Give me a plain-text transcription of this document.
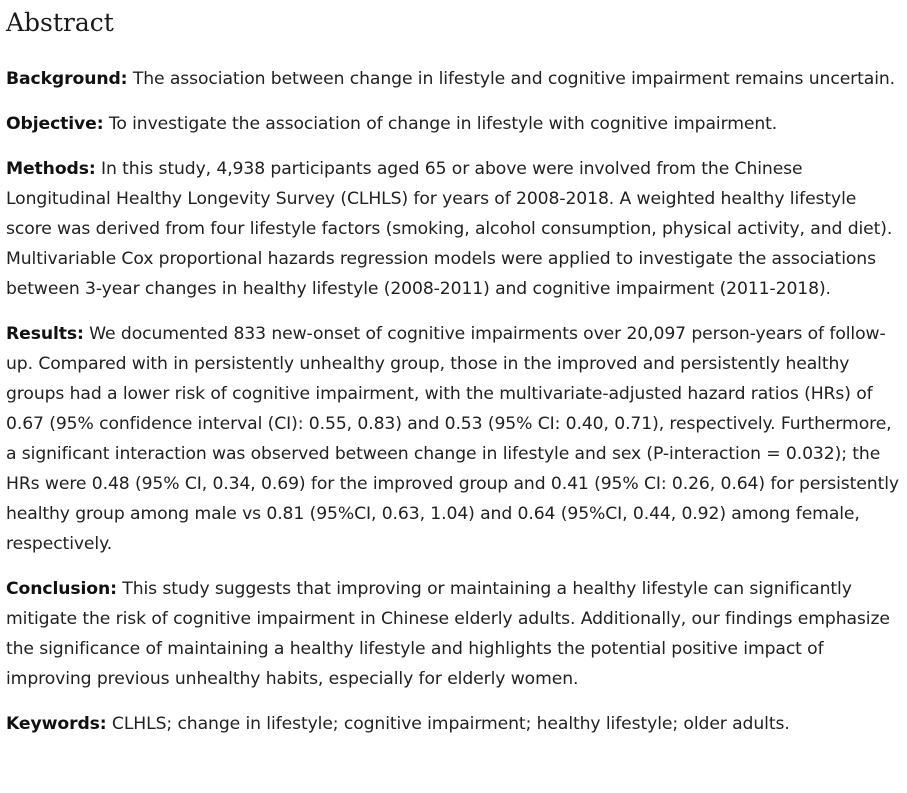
Abstract

Background: The association between change in lifestyle and cognitive impairment remains uncertain.

Objective: To investigate the association of change in lifestyle with cognitive impairment.

Methods: In this study, 4,938 participants aged 65 or above were involved from the Chinese Longitudinal Healthy Longevity Survey (CLHLS) for years of 2008-2018. A weighted healthy lifestyle score was derived from four lifestyle factors (smoking, alcohol consumption, physical activity, and diet). Multivariable Cox proportional hazards regression models were applied to investigate the associations between 3-year changes in healthy lifestyle (2008-2011) and cognitive impairment (2011-2018).

Results: We documented 833 new-onset of cognitive impairments over 20,097 person-years of follow-up. Compared with in persistently unhealthy group, those in the improved and persistently healthy groups had a lower risk of cognitive impairment, with the multivariate-adjusted hazard ratios (HRs) of 0.67 (95% confidence interval (CI): 0.55, 0.83) and 0.53 (95% CI: 0.40, 0.71), respectively. Furthermore, a significant interaction was observed between change in lifestyle and sex (P-interaction = 0.032); the HRs were 0.48 (95% CI, 0.34, 0.69) for the improved group and 0.41 (95% CI: 0.26, 0.64) for persistently healthy group among male vs 0.81 (95%CI, 0.63, 1.04) and 0.64 (95%CI, 0.44, 0.92) among female, respectively.

Conclusion: This study suggests that improving or maintaining a healthy lifestyle can significantly mitigate the risk of cognitive impairment in Chinese elderly adults. Additionally, our findings emphasize the significance of maintaining a healthy lifestyle and highlights the potential positive impact of improving previous unhealthy habits, especially for elderly women.

Keywords: CLHLS; change in lifestyle; cognitive impairment; healthy lifestyle; older adults.
